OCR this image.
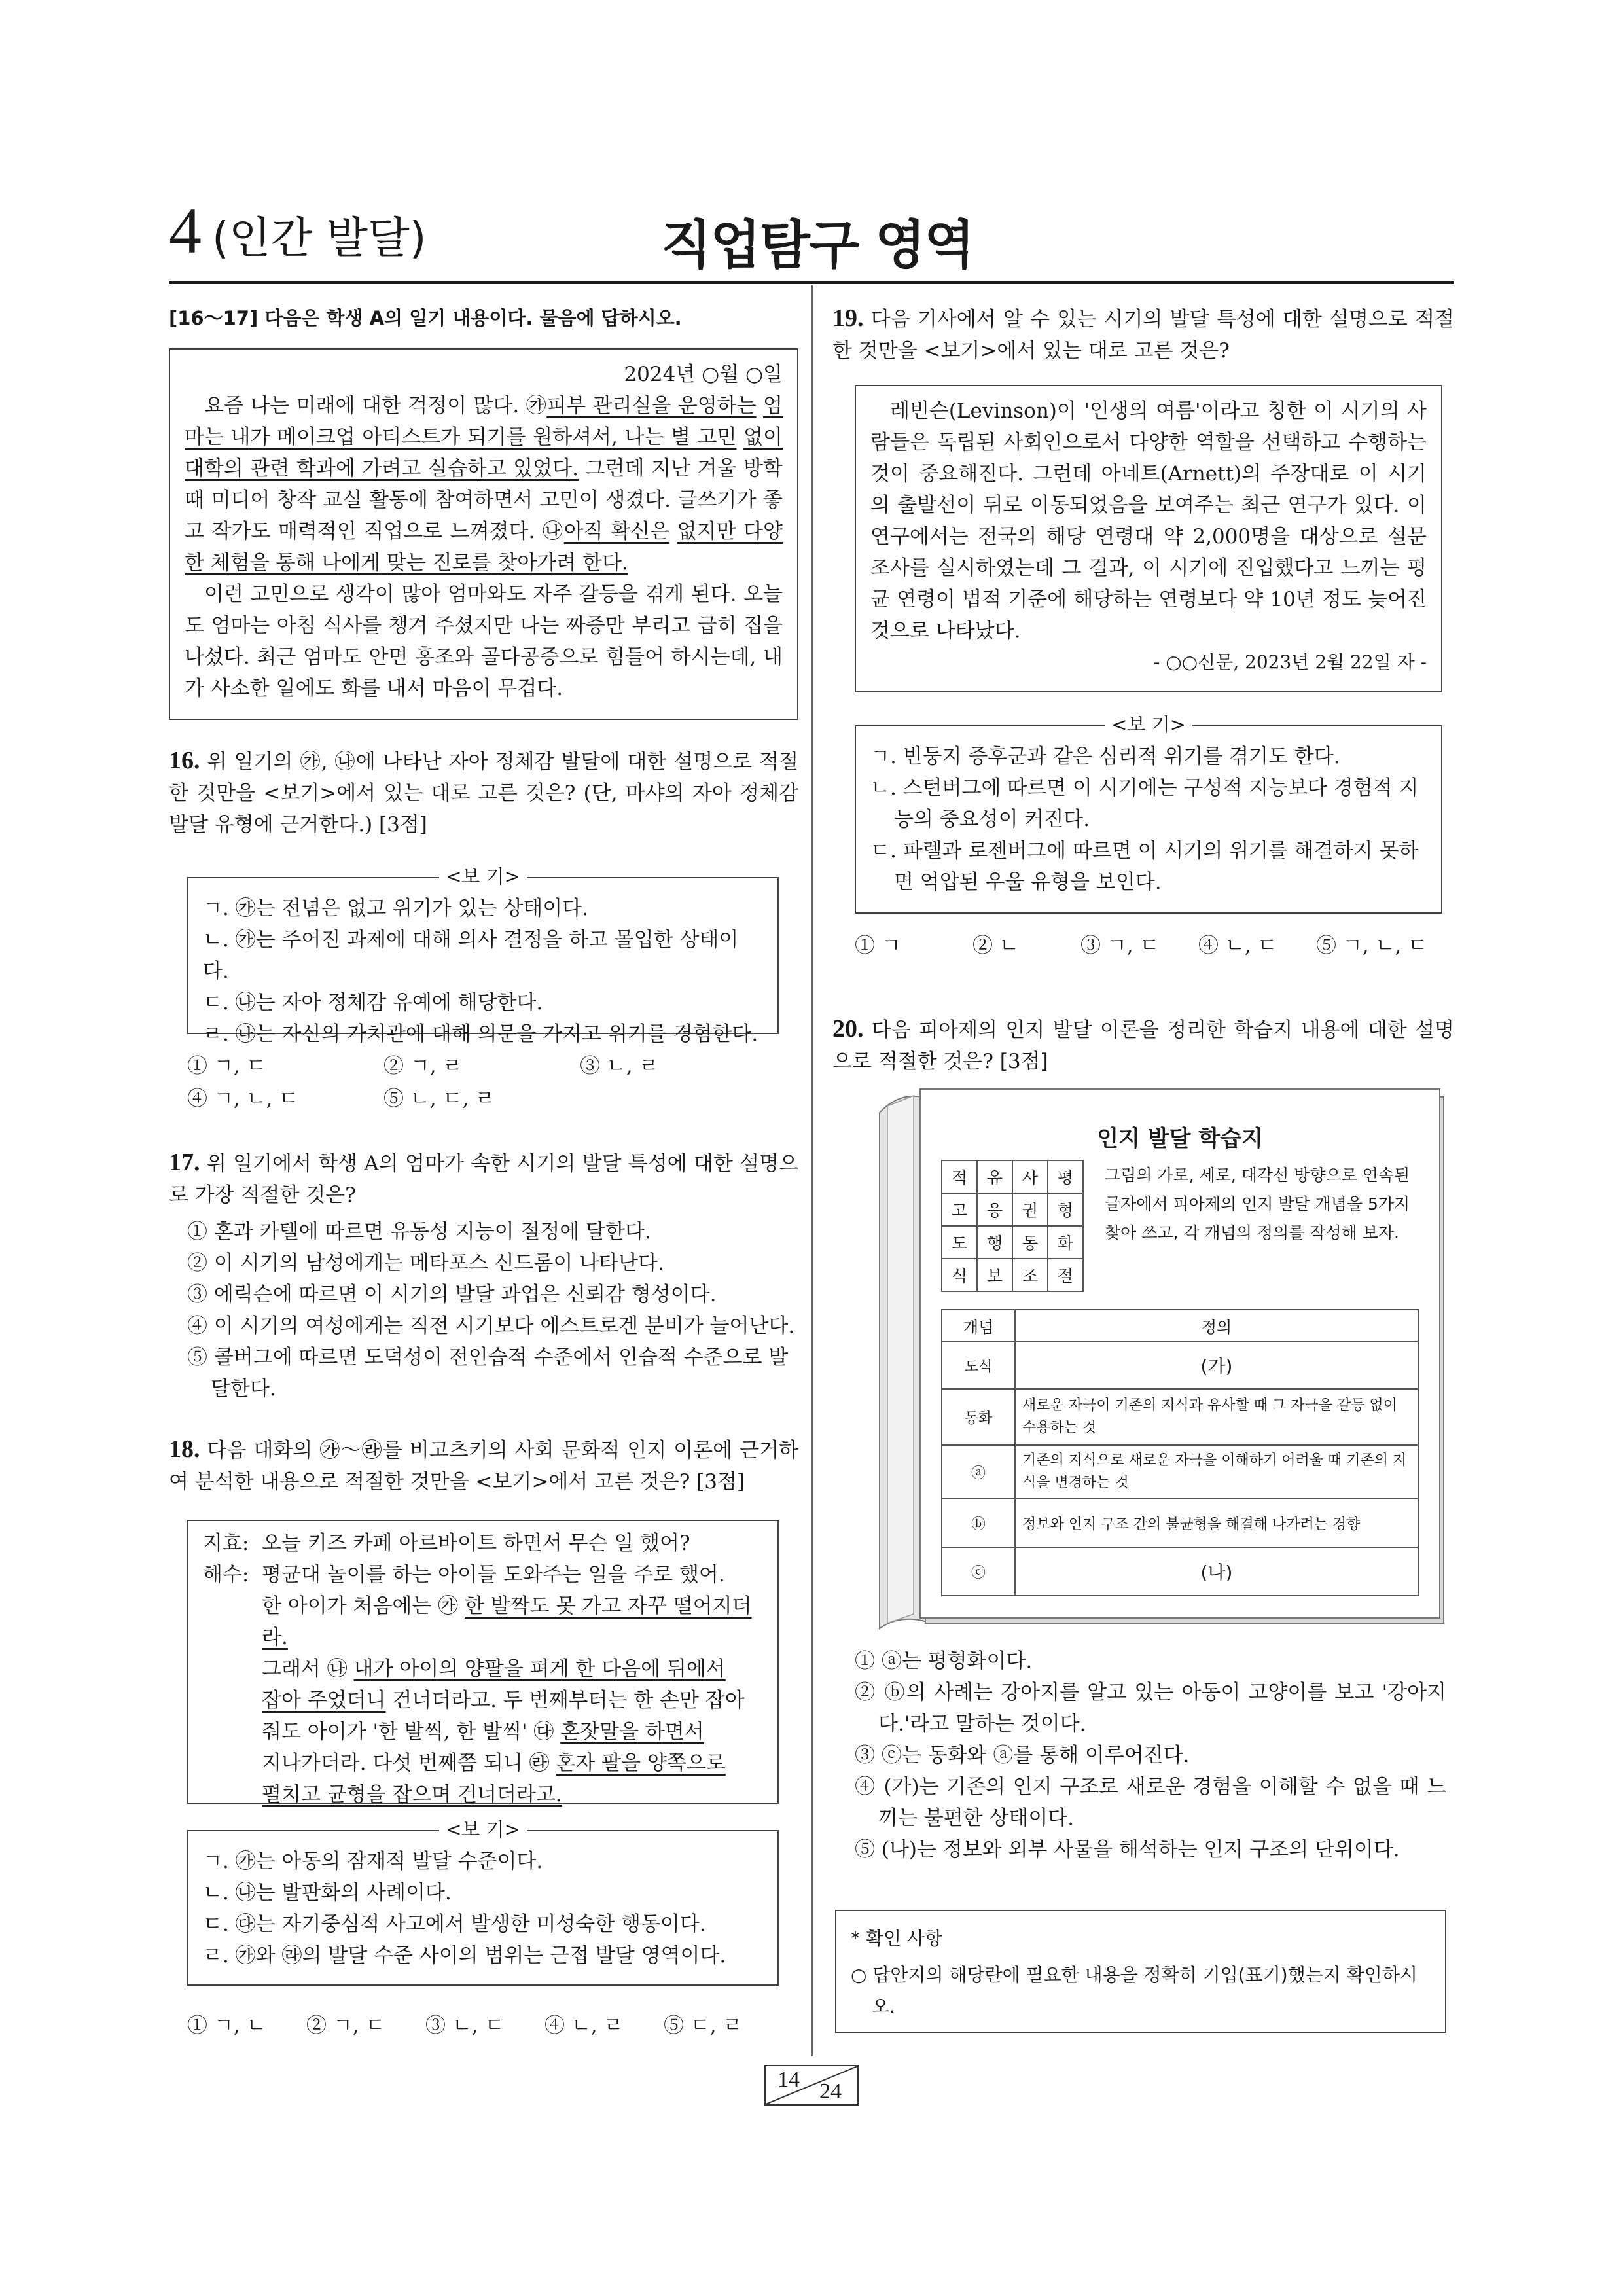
4 (인간 발달)	직업탐구 영역
[16～17] 다음은 학생 A의 일기 내용이다. 물음에 답하시오.
2024년 ○월 ○일
요즘 나는 미래에 대한 걱정이 많다. ㉮피부 관리실을 운영하는 엄마는 내가 메이크업 아티스트가 되기를 원하셔서, 나는 별 고민 없이 대학의 관련 학과에 가려고 실습하고 있었다. 그런데 지난 겨울 방학 때 미디어 창작 교실 활동에 참여하면서 고민이 생겼다. 글쓰기가 좋고 작가도 매력적인 직업으로 느껴졌다. ㉯아직 확신은 없지만 다양한 체험을 통해 나에게 맞는 진로를 찾아가려 한다.
이런 고민으로 생각이 많아 엄마와도 자주 갈등을 겪게 된다. 오늘도 엄마는 아침 식사를 챙겨 주셨지만 나는 짜증만 부리고 급히 집을 나섰다. 최근 엄마도 안면 홍조와 골다공증으로 힘들어 하시는데, 내가 사소한 일에도 화를 내서 마음이 무겁다.
16. 위 일기의 ㉮, ㉯에 나타난 자아 정체감 발달에 대한 설명으로 적절한 것만을 <보기>에서 있는 대로 고른 것은? (단, 마샤의 자아 정체감 발달 유형에 근거한다.) [3점]
<보 기>
ㄱ. ㉮는 전념은 없고 위기가 있는 상태이다.
ㄴ. ㉮는 주어진 과제에 대해 의사 결정을 하고 몰입한 상태이다.
ㄷ. ㉯는 자아 정체감 유예에 해당한다.
ㄹ. ㉯는 자신의 가치관에 대해 의문을 가지고 위기를 경험한다.
① ㄱ, ㄷ	② ㄱ, ㄹ	③ ㄴ, ㄹ
④ ㄱ, ㄴ, ㄷ	⑤ ㄴ, ㄷ, ㄹ
17. 위 일기에서 학생 A의 엄마가 속한 시기의 발달 특성에 대한 설명으로 가장 적절한 것은?
① 혼과 카텔에 따르면 유동성 지능이 절정에 달한다.
② 이 시기의 남성에게는 메타포스 신드롬이 나타난다.
③ 에릭슨에 따르면 이 시기의 발달 과업은 신뢰감 형성이다.
④ 이 시기의 여성에게는 직전 시기보다 에스트로겐 분비가 늘어난다.
⑤ 콜버그에 따르면 도덕성이 전인습적 수준에서 인습적 수준으로 발달한다.
18. 다음 대화의 ㉮～㉱를 비고츠키의 사회 문화적 인지 이론에 근거하여 분석한 내용으로 적절한 것만을 <보기>에서 고른 것은? [3점]
지효: 오늘 키즈 카페 아르바이트 하면서 무슨 일 했어?
해수: 평균대 놀이를 하는 아이들 도와주는 일을 주로 했어.
한 아이가 처음에는 ㉮ 한 발짝도 못 가고 자꾸 떨어지더라.
그래서 ㉯ 내가 아이의 양팔을 펴게 한 다음에 뒤에서
잡아 주었더니 건너더라고. 두 번째부터는 한 손만 잡아
줘도 아이가 '한 발씩, 한 발씩' ㉰ 혼잣말을 하면서
지나가더라. 다섯 번째쯤 되니 ㉱ 혼자 팔을 양쪽으로
펼치고 균형을 잡으며 건너더라고.
<보 기>
ㄱ. ㉮는 아동의 잠재적 발달 수준이다.
ㄴ. ㉯는 발판화의 사례이다.
ㄷ. ㉰는 자기중심적 사고에서 발생한 미성숙한 행동이다.
ㄹ. ㉮와 ㉱의 발달 수준 사이의 범위는 근접 발달 영역이다.
① ㄱ, ㄴ ② ㄱ, ㄷ ③ ㄴ, ㄷ ④ ㄴ, ㄹ ⑤ ㄷ, ㄹ
19. 다음 기사에서 알 수 있는 시기의 발달 특성에 대한 설명으로 적절한 것만을 <보기>에서 있는 대로 고른 것은?
레빈슨(Levinson)이 '인생의 여름'이라고 칭한 이 시기의 사람들은 독립된 사회인으로서 다양한 역할을 선택하고 수행하는 것이 중요해진다. 그런데 아네트(Arnett)의 주장대로 이 시기의 출발선이 뒤로 이동되었음을 보여주는 최근 연구가 있다. 이 연구에서는 전국의 해당 연령대 약 2,000명을 대상으로 설문 조사를 실시하였는데 그 결과, 이 시기에 진입했다고 느끼는 평균 연령이 법적 기준에 해당하는 연령보다 약 10년 정도 늦어진 것으로 나타났다.
- ○○신문, 2023년 2월 22일 자 -
<보 기>
ㄱ. 빈둥지 증후군과 같은 심리적 위기를 겪기도 한다.
ㄴ. 스턴버그에 따르면 이 시기에는 구성적 지능보다 경험적 지능의 중요성이 커진다.
ㄷ. 파렐과 로젠버그에 따르면 이 시기의 위기를 해결하지 못하면 억압된 우울 유형을 보인다.
① ㄱ	② ㄴ	③ ㄱ, ㄷ ④ ㄴ, ㄷ ⑤ ㄱ, ㄴ, ㄷ
20. 다음 피아제의 인지 발달 이론을 정리한 학습지 내용에 대한 설명으로 적절한 것은? [3점]
인지 발달 학습지
적	유	사	평
고	응	권	형
도	행	동	화
식	보	조	절
그림의 가로, 세로, 대각선 방향으로 연속된 글자에서 피아제의 인지 발달 개념을 5가지 찾아 쓰고, 각 개념의 정의를 작성해 보자.
개념	정의
도식	(가)
동화	새로운 자극이 기존의 지식과 유사할 때 그 자극을 갈등 없이 수용하는 것
ⓐ	기존의 지식으로 새로운 자극을 이해하기 어려울 때 기존의 지식을 변경하는 것
ⓑ	정보와 인지 구조 간의 불균형을 해결해 나가려는 경향
ⓒ	(나)
① ⓐ는 평형화이다.
② ⓑ의 사례는 강아지를 알고 있는 아동이 고양이를 보고 '강아지다.'라고 말하는 것이다.
③ ⓒ는 동화와 ⓐ를 통해 이루어진다.
④ (가)는 기존의 인지 구조로 새로운 경험을 이해할 수 없을 때 느끼는 불편한 상태이다.
⑤ (나)는 정보와 외부 사물을 해석하는 인지 구조의 단위이다.
* 확인 사항
○ 답안지의 해당란에 필요한 내용을 정확히 기입(표기)했는지 확인하시오.
14 24
